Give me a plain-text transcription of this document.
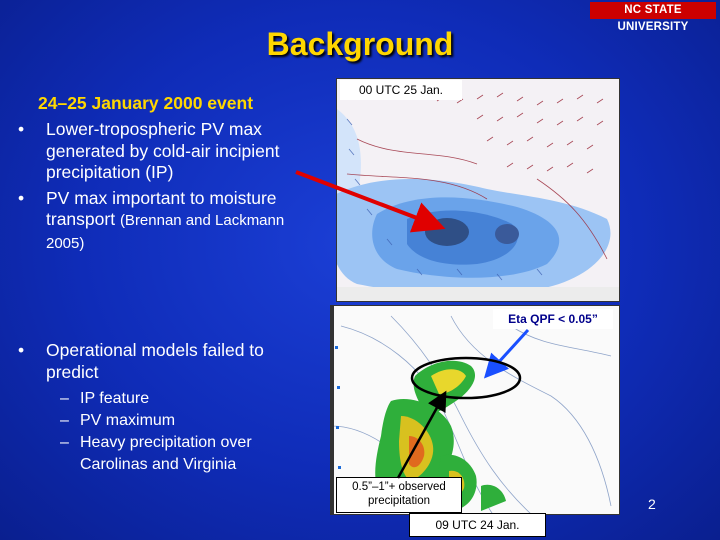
NC STATE UNIVERSITY
Background
24–25 January 2000 event
• Lower-tropospheric PV max generated by cold-air incipient precipitation (IP)
• PV max important to moisture transport (Brennan and Lackmann 2005)
• Operational models failed to predict
– IP feature
– PV maximum
– Heavy precipitation over Carolinas and Virginia
00 UTC 25 Jan.
Eta QPF < 0.05”
0.5”–1”+ observed precipitation
09 UTC 24 Jan.
2
